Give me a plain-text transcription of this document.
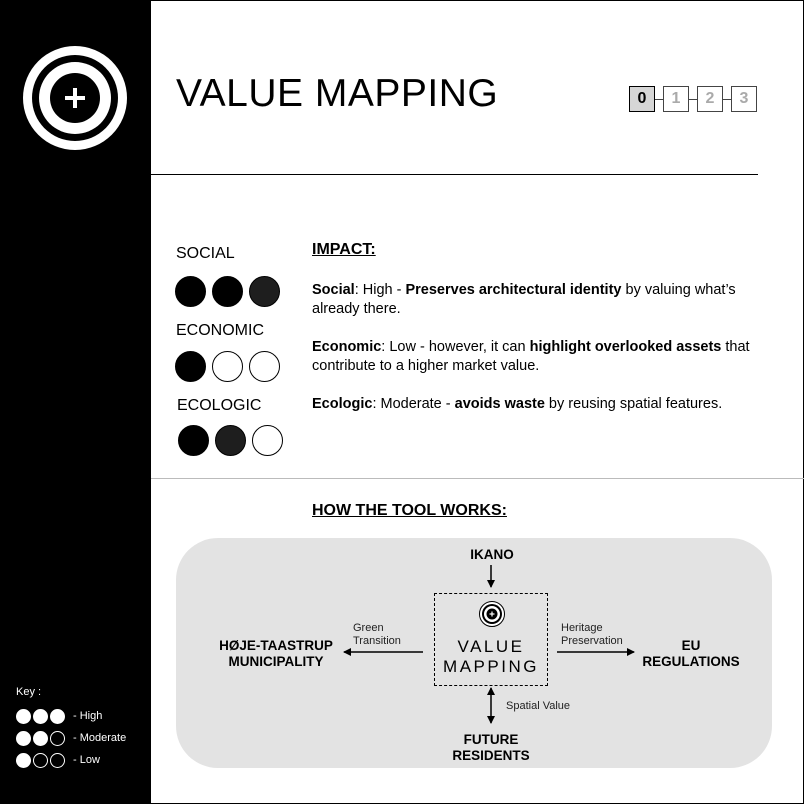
Key :
- High
- Moderate
- Low
VALUE MAPPING	0	1	2	3
SOCIAL
ECONOMIC
ECOLOGIC
IMPACT:

Social: High - Preserves architectural identity by valuing what’s already there.

Economic: Low - however, it can highlight overlooked assets that contribute to a higher market value.

Ecologic: Moderate - avoids waste by reusing spatial features.

HOW THE TOOL WORKS:
VALUE
MAPPING
IKANO
HØJE-TAASTRUP
MUNICIPALITY
EU
REGULATIONS
FUTURE
RESIDENTS
Green
Transition
Heritage
Preservation
Spatial Value
